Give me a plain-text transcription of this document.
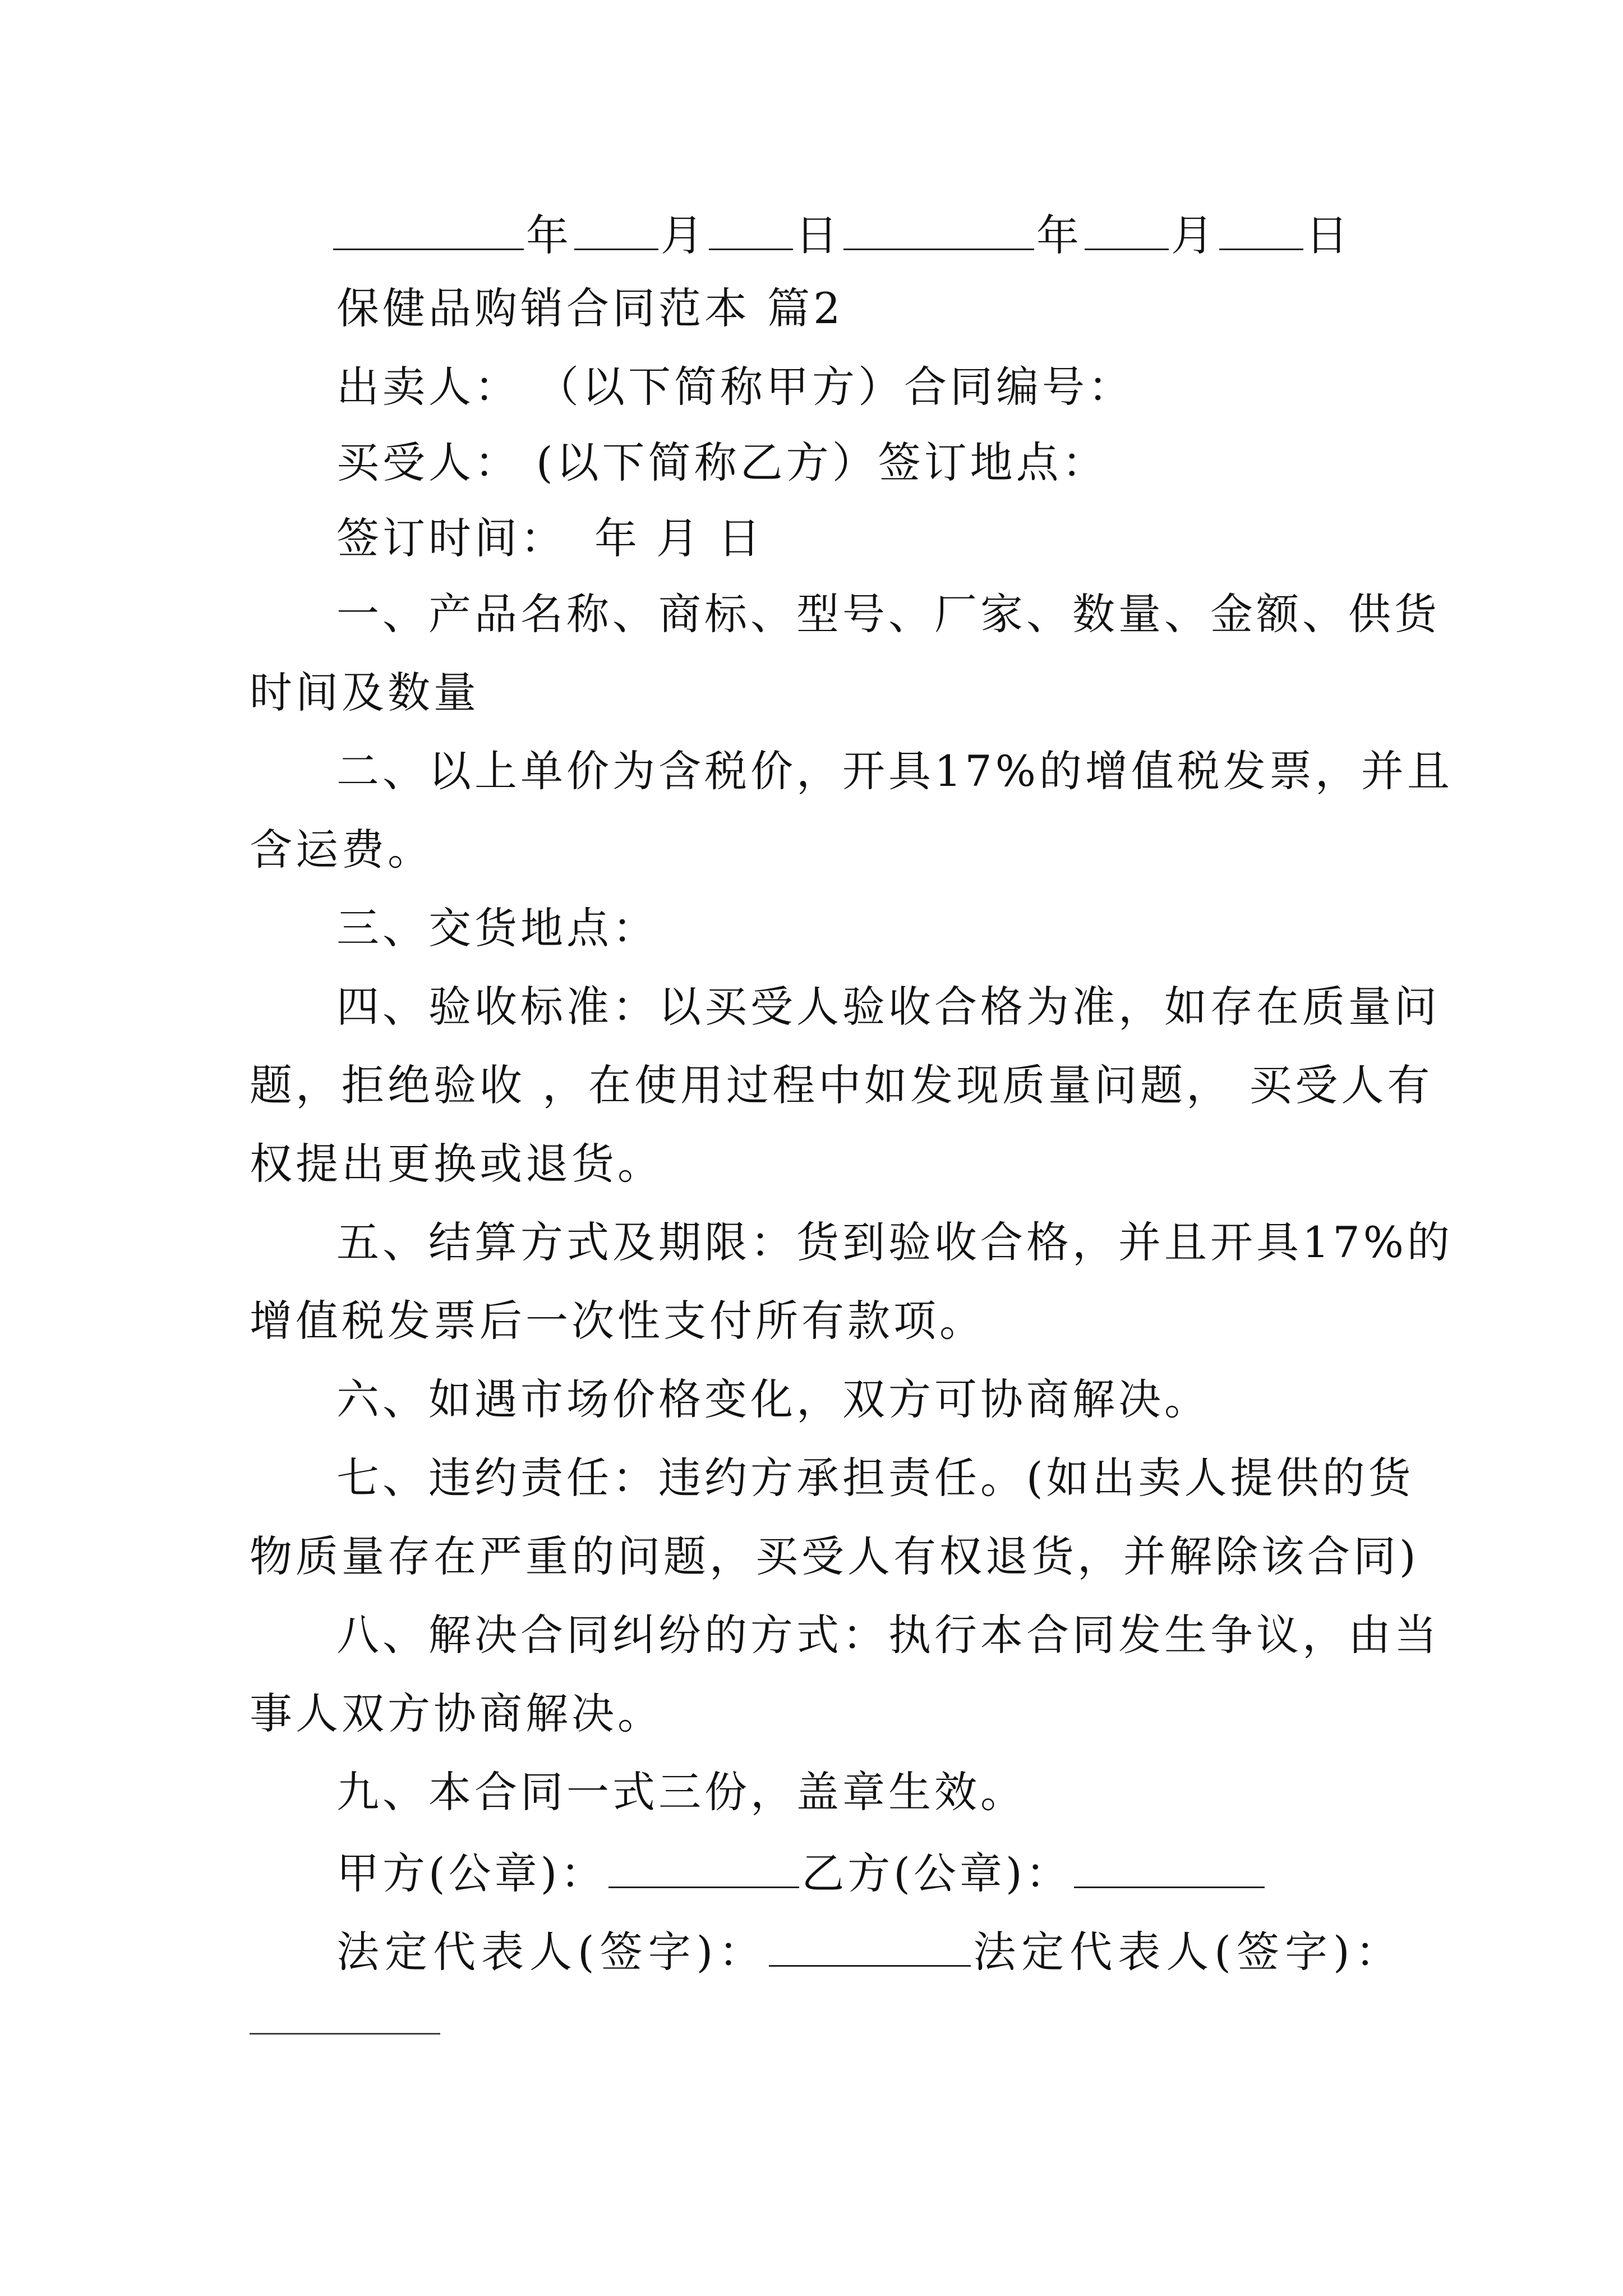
年 月 日	年 月 日
保健品购销合同范本 篇2
出卖人： （以下简称甲方）合同编号：
买受人： (以下简称乙方）签订地点：
签订时间： 年 月 日
一、产品名称、商标、型号、厂家、数量、金额、供货
时间及数量
二、以上单价为含税价，开具17%的增值税发票，并且
含运费。
三、交货地点：
四、验收标准：以买受人验收合格为准，如存在质量问
题，拒绝验收 ，在使用过程中如发现质量问题， 买受人有
权提出更换或退货。
五、结算方式及期限：货到验收合格，并且开具17%的
增值税发票后一次性支付所有款项。
六、如遇市场价格变化，双方可协商解决。
七、违约责任：违约方承担责任。(如出卖人提供的货
物质量存在严重的问题，买受人有权退货，并解除该合同)
八、解决合同纠纷的方式：执行本合同发生争议，由当
事人双方协商解决。
九、本合同一式三份，盖章生效。
甲方(公章)：	乙方(公章)：
法定代表人(签字)：	法定代表人(签字)：
